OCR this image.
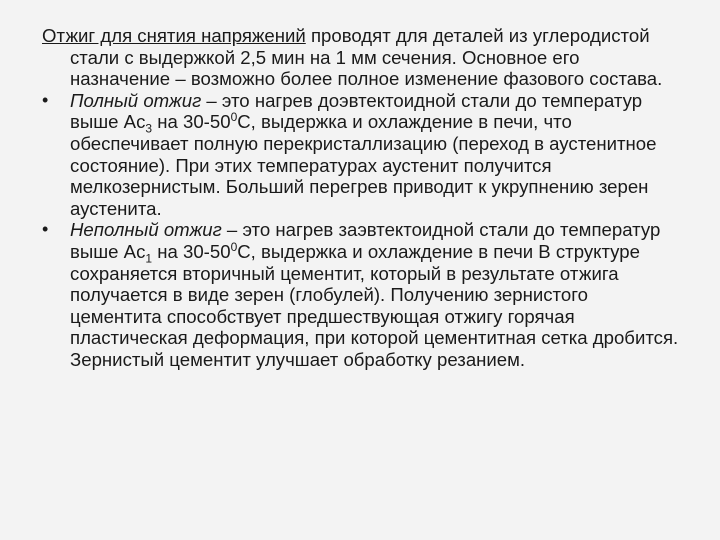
Отжиг для снятия напряжений проводят для деталей из углеродистой стали с выдержкой 2,5 мин на 1 мм сечения. Основное его назначение – возможно более полное изменение фазового состава.

•	Полный отжиг – это нагрев доэвтектоидной стали до температур выше $Ac_3$ на $30-50^0С$, выдержка и охлаждение в печи, что обеспечивает полную перекристаллизацию (переход в аустенитное состояние). При этих температурах аустенит получится мелкозернистым. Больший перегрев приводит к укрупнению зерен аустенита.

•	Неполный отжиг – это нагрев заэвтектоидной стали до температур выше $Ac_1$ на $30-50^0С$, выдержка и охлаждение в печи В структуре сохраняется вторичный цементит, который в результате отжига получается в виде зерен (глобулей). Получению зернистого цементита способствует предшествующая отжигу горячая пластическая деформация, при которой цементитная сетка дробится. Зернистый цементит улучшает обработку резанием.
